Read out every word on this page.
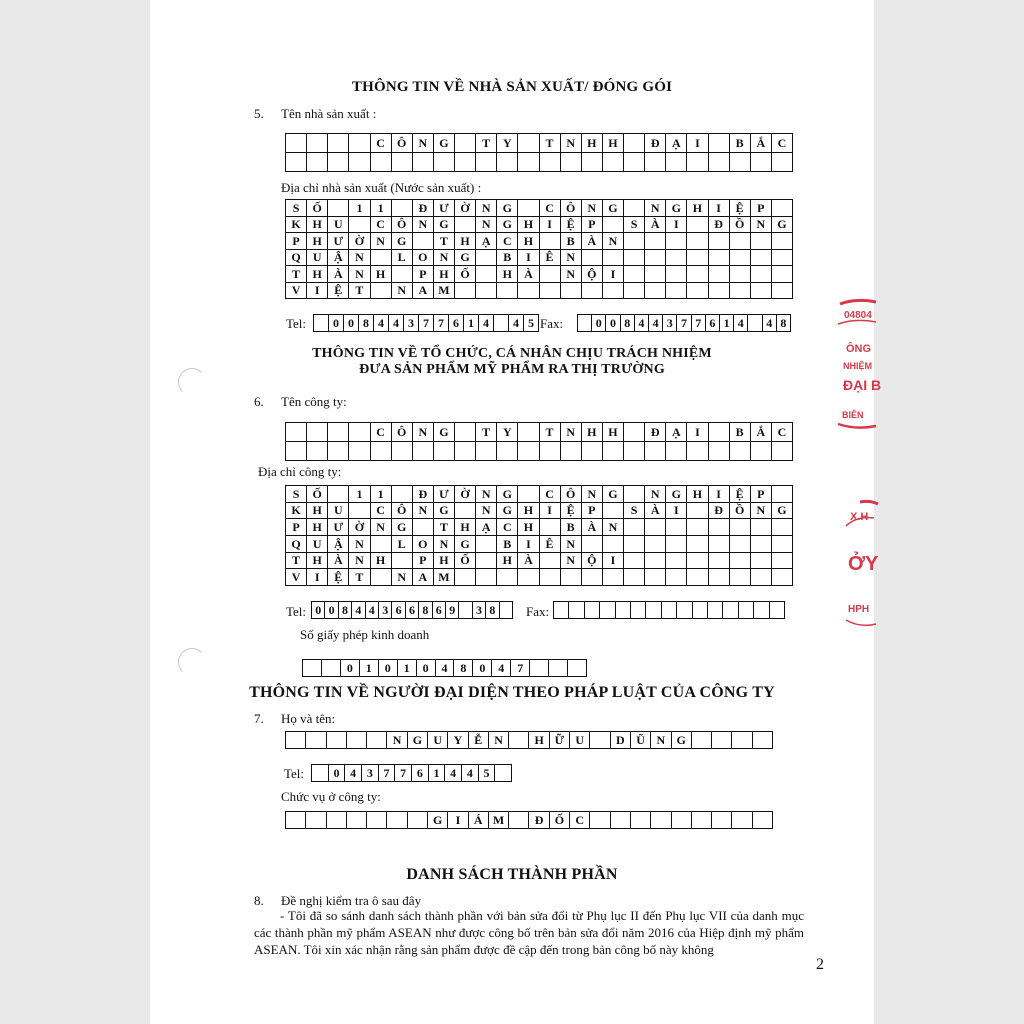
THÔNG TIN VỀ NHÀ SẢN XUẤT/ ĐÓNG GÓI
5. Tên nhà sản xuất :
C	Ô	N	G	T	Y	T	N	H H	Đ	Ạ	I	B	Ắ	C
Địa chỉ nhà sản xuất (Nước sản xuất) :
S	Ố	1	1	Đ	Ư Ờ	N	G	C	Ô	N	G	N	G H	I	Ệ	P
K H	U	C	Ô	N	G	N	G H	I	Ệ	P	S	À	I	Đ	Ồ	N	G
P	H Ư Ờ	N	G	T	H	Ạ	C	H	B	À	N
Q	U	Ậ	N	L	O	N	G	B	I	Ê	N
T	H	À	N	H	P	H Ố	H	À	N	Ộ	I
V	I	Ệ	T	N	A M
Tel:	0 0 8 4 4 3 7 7 6 1 4	4 5 Fax:	0 0 8 4 4 3 7 7 6 1 4	4 8
THÔNG TIN VỀ TỔ CHỨC, CÁ NHÂN CHỊU TRÁCH NHIỆM
ĐƯA SẢN PHẨM MỸ PHẨM RA THỊ TRƯỜNG
6. Tên công ty:
C	Ô	N	G	T	Y	T	N	H H	Đ	Ạ	I	B	Ắ	C
Địa chỉ công ty:
S	Ố	1	1	Đ	Ư Ờ	N	G	C	Ô	N	G	N	G H	I	Ệ	P
K H	U	C	Ô	N	G	N	G H	I	Ệ	P	S	À	I	Đ	Ồ	N	G
P	H Ư Ờ	N	G	T	H	Ạ	C	H	B	À	N
Q	U	Ậ	N	L	O	N	G	B	I	Ê	N
T	H	À	N	H	P	H Ố	H	À	N	Ộ	I
V	I	Ệ	T	N	A M
Tel: 0 0 8 4 4 3 6 6 8 6 9	3 8	Fax:
Số giấy phép kinh doanh
0	1	0	1	0	4	8	0	4	7
THÔNG TIN VỀ NGƯỜI ĐẠI DIỆN THEO PHÁP LUẬT CỦA CÔNG TY
7. Họ và tên:
N G U Y Ễ N	H Ữ U	D Ũ N G
Tel:	0 4 3 7 7 6 1 4 4 5
Chức vụ ở công ty:
G	I	Á M	Đ Ố C
DANH SÁCH THÀNH PHẦN
8. Đề nghị kiểm tra ô sau đây
- Tôi đã so sánh danh sách thành phần với bản sửa đổi từ Phụ lục II đến Phụ lục VII của danh mục các thành phần mỹ phẩm ASEAN như được công bố trên bản sửa đổi năm 2016 của Hiệp định mỹ phẩm ASEAN. Tôi xin xác nhận rằng sản phẩm được đề cập đến trong bản công bố này không
2
04804
ÔNG
NHIỆM
ĐẠI B
BIÊN
X.H
ỞY
HPH
